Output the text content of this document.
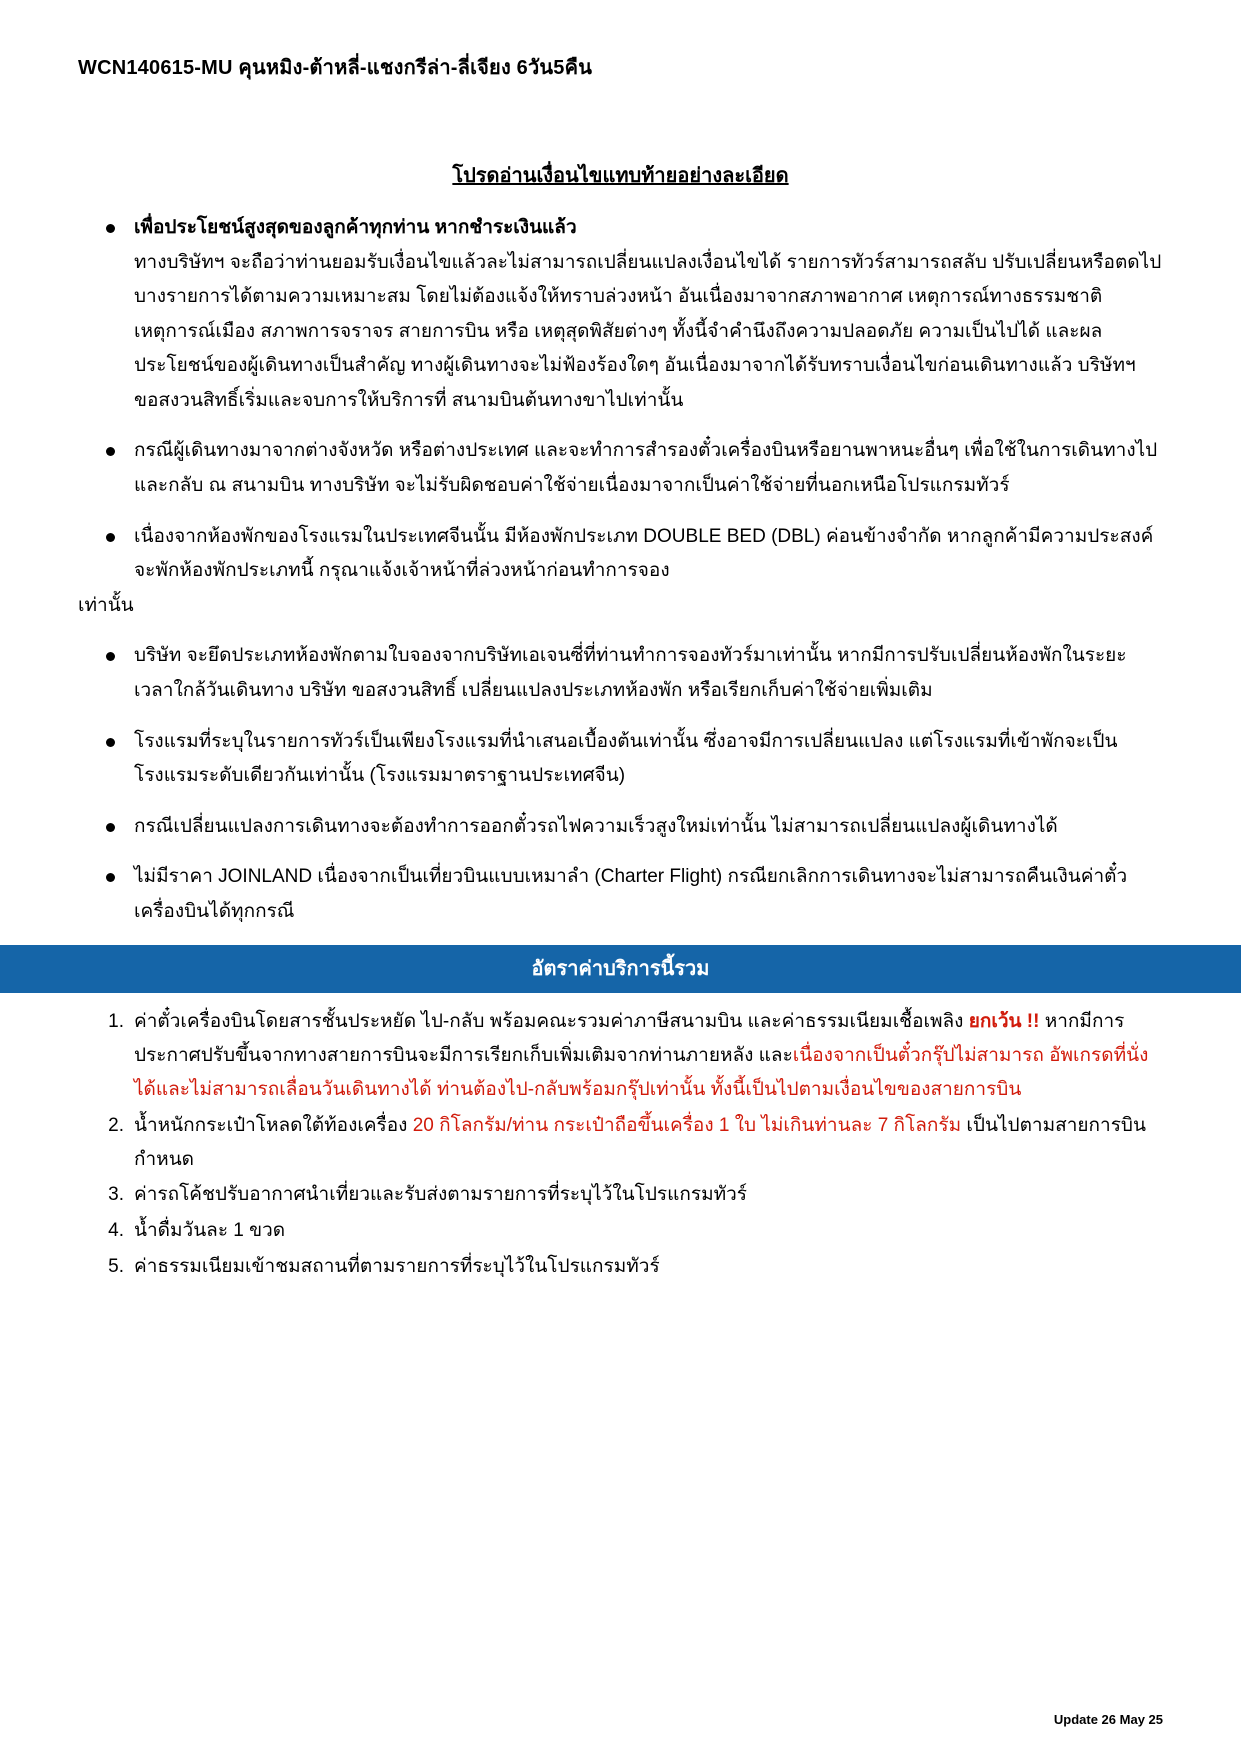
WCN140615-MU คุนหมิง-ต้าหลี่-แชงกรีล่า-ลี่เจียง 6วัน5คืน
โปรดอ่านเงื่อนไขแทบท้ายอย่างละเอียด
เพื่อประโยชน์สูงสุดของลูกค้าทุกท่าน หากชำระเงินแล้ว
ทางบริษัทฯ จะถือว่าท่านยอมรับเงื่อนไขแล้วละไม่สามารถเปลี่ยนแปลงเงื่อนไขได้ รายการทัวร์สามารถสลับ ปรับเปลี่ยนหรือตดไปบางรายการได้ตามความเหมาะสม โดยไม่ต้องแจ้งให้ทราบล่วงหน้า อันเนื่องมาจากสภาพอากาศ เหตุการณ์ทางธรรมชาติ เหตุการณ์เมือง สภาพการจราจร สายการบิน หรือ เหตุสุดพิสัยต่างๆ ทั้งนี้จำคำนึงถึงความปลอดภัย ความเป็นไปได้ และผลประโยชน์ของผู้เดินทางเป็นสำคัญ ทางผู้เดินทางจะไม่ฟ้องร้องใดๆ อันเนื่องมาจากได้รับทราบเงื่อนไขก่อนเดินทางแล้ว บริษัทฯ ขอสงวนสิทธิ์เริ่มและจบการให้บริการที่ สนามบินต้นทางขาไปเท่านั้น
กรณีผู้เดินทางมาจากต่างจังหวัด หรือต่างประเทศ และจะทำการสำรองตั๋วเครื่องบินหรือยานพาหนะอื่นๆ เพื่อใช้ในการเดินทางไปและกลับ ณ สนามบิน ทางบริษัท จะไม่รับผิดชอบค่าใช้จ่ายเนื่องมาจากเป็นค่าใช้จ่ายที่นอกเหนือโปรแกรมทัวร์
เนื่องจากห้องพักของโรงแรมในประเทศจีนนั้น มีห้องพักประเภท DOUBLE BED (DBL) ค่อนข้างจำกัด หากลูกค้ามีความประสงค์จะพักห้องพักประเภทนี้ กรุณาแจ้งเจ้าหน้าที่ล่วงหน้าก่อนทำการจอง
เท่านั้น
บริษัท จะยึดประเภทห้องพักตามใบจองจากบริษัทเอเจนซี่ที่ท่านทำการจองทัวร์มาเท่านั้น หากมีการปรับเปลี่ยนห้องพักในระยะเวลาใกล้วันเดินทาง บริษัท ขอสงวนสิทธิ์ เปลี่ยนแปลงประเภทห้องพัก หรือเรียกเก็บค่าใช้จ่ายเพิ่มเติม
โรงแรมที่ระบุในรายการทัวร์เป็นเพียงโรงแรมที่นำเสนอเบื้องต้นเท่านั้น ซึ่งอาจมีการเปลี่ยนแปลง แต่โรงแรมที่เข้าพักจะเป็นโรงแรมระดับเดียวกันเท่านั้น (โรงแรมมาตราฐานประเทศจีน)
กรณีเปลี่ยนแปลงการเดินทางจะต้องทำการออกตั๋วรถไฟความเร็วสูงใหม่เท่านั้น ไม่สามารถเปลี่ยนแปลงผู้เดินทางได้
ไม่มีราคา JOINLAND เนื่องจากเป็นเที่ยวบินแบบเหมาลำ (Charter Flight) กรณียกเลิกการเดินทางจะไม่สามารถคืนเงินค่าตั๋วเครื่องบินได้ทุกกรณี
อัตราค่าบริการนี้รวม
ค่าตั๋วเครื่องบินโดยสารชั้นประหยัด ไป-กลับ พร้อมคณะรวมค่าภาษีสนามบิน และค่าธรรมเนียมเชื้อเพลิง ยกเว้น !! หากมีการประกาศปรับขึ้นจากทางสายการบินจะมีการเรียกเก็บเพิ่มเติมจากท่านภายหลัง และเนื่องจากเป็นตั๋วกรุ๊ปไม่สามารถ อัพเกรดที่นั่งได้และไม่สามารถเลื่อนวันเดินทางได้ ท่านต้องไป-กลับพร้อมกรุ๊ปเท่านั้น ทั้งนี้เป็นไปตามเงื่อนไขของสายการบิน
น้ำหนักกระเป๋าโหลดใต้ท้องเครื่อง 20 กิโลกรัม/ท่าน กระเป๋าถือขึ้นเครื่อง 1 ใบ ไม่เกินท่านละ 7 กิโลกรัม เป็นไปตามสายการบินกำหนด
ค่ารถโค้ชปรับอากาศนำเที่ยวและรับส่งตามรายการที่ระบุไว้ในโปรแกรมทัวร์
น้ำดื่มวันละ 1 ขวด
ค่าธรรมเนียมเข้าชมสถานที่ตามรายการที่ระบุไว้ในโปรแกรมทัวร์
Update 26 May 25
